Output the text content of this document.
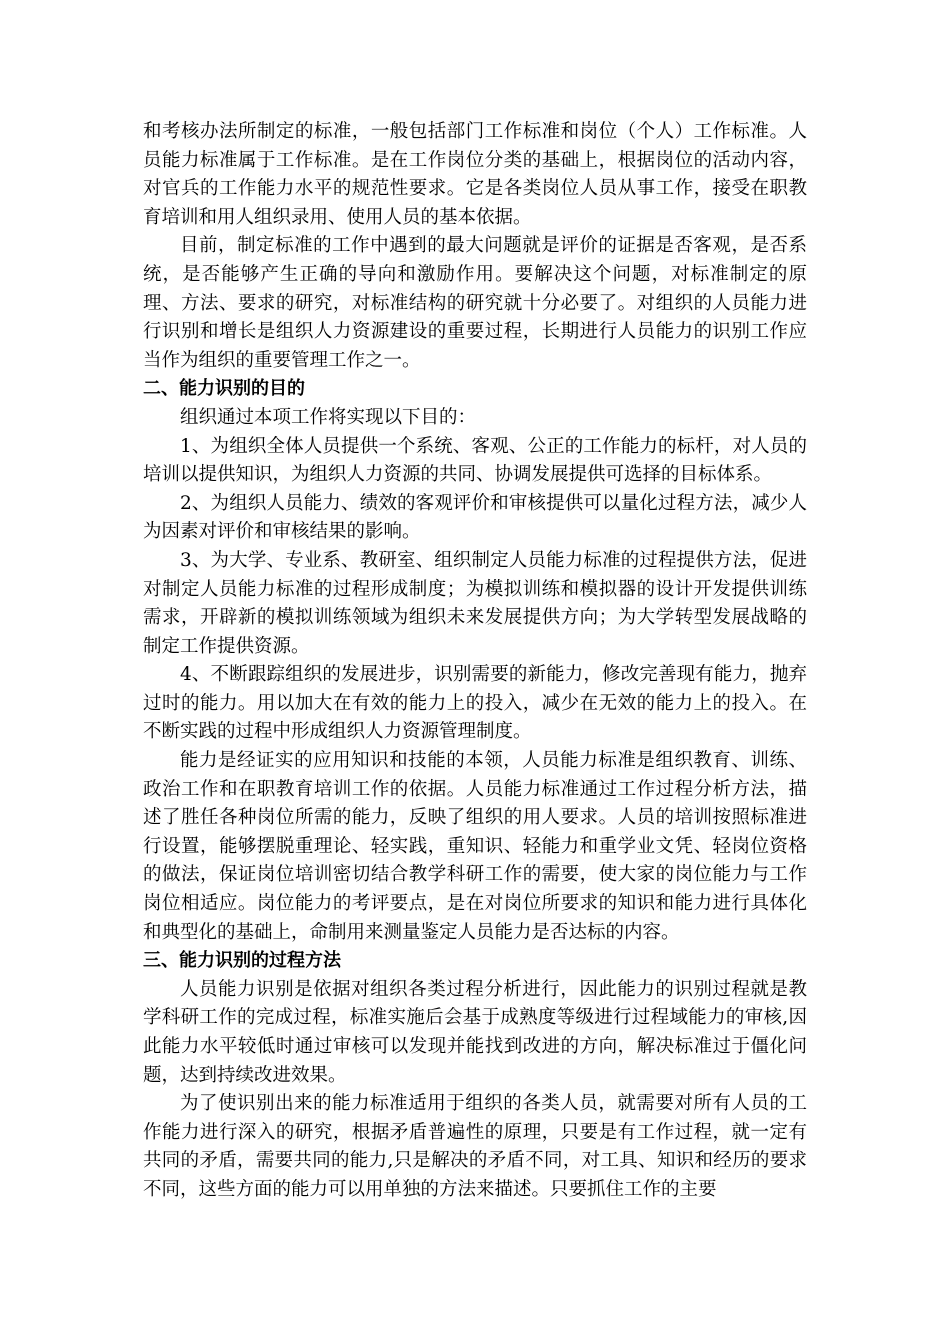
和考核办法所制定的标准，一般包括部门工作标准和岗位（个人）工作标准。人员能力标准属于工作标准。是在工作岗位分类的基础上，根据岗位的活动内容，对官兵的工作能力水平的规范性要求。它是各类岗位人员从事工作，接受在职教育培训和用人组织录用、使用人员的基本依据。

目前，制定标准的工作中遇到的最大问题就是评价的证据是否客观，是否系统，是否能够产生正确的导向和激励作用。要解决这个问题，对标准制定的原理、方法、要求的研究，对标准结构的研究就十分必要了。对组织的人员能力进行识别和增长是组织人力资源建设的重要过程，长期进行人员能力的识别工作应当作为组织的重要管理工作之一。

二、能力识别的目的

组织通过本项工作将实现以下目的：

1、为组织全体人员提供一个系统、客观、公正的工作能力的标杆，对人员的培训以提供知识，为组织人力资源的共同、协调发展提供可选择的目标体系。

2、为组织人员能力、绩效的客观评价和审核提供可以量化过程方法，减少人为因素对评价和审核结果的影响。

3、为大学、专业系、教研室、组织制定人员能力标准的过程提供方法，促进对制定人员能力标准的过程形成制度；为模拟训练和模拟器的设计开发提供训练需求，开辟新的模拟训练领域为组织未来发展提供方向；为大学转型发展战略的制定工作提供资源。

4、不断跟踪组织的发展进步，识别需要的新能力，修改完善现有能力，抛弃过时的能力。用以加大在有效的能力上的投入，减少在无效的能力上的投入。在不断实践的过程中形成组织人力资源管理制度。

能力是经证实的应用知识和技能的本领，人员能力标准是组织教育、训练、政治工作和在职教育培训工作的依据。人员能力标准通过工作过程分析方法，描述了胜任各种岗位所需的能力，反映了组织的用人要求。人员的培训按照标准进行设置，能够摆脱重理论、轻实践，重知识、轻能力和重学业文凭、轻岗位资格的做法，保证岗位培训密切结合教学科研工作的需要，使大家的岗位能力与工作岗位相适应。岗位能力的考评要点，是在对岗位所要求的知识和能力进行具体化和典型化的基础上，命制用来测量鉴定人员能力是否达标的内容。

三、能力识别的过程方法

人员能力识别是依据对组织各类过程分析进行，因此能力的识别过程就是教学科研工作的完成过程，标准实施后会基于成熟度等级进行过程域能力的审核,因此能力水平较低时通过审核可以发现并能找到改进的方向，解决标准过于僵化问题，达到持续改进效果。

为了使识别出来的能力标准适用于组织的各类人员，就需要对所有人员的工作能力进行深入的研究，根据矛盾普遍性的原理，只要是有工作过程，就一定有共同的矛盾，需要共同的能力,只是解决的矛盾不同，对工具、知识和经历的要求不同，这些方面的能力可以用单独的方法来描述。只要抓住工作的主要
